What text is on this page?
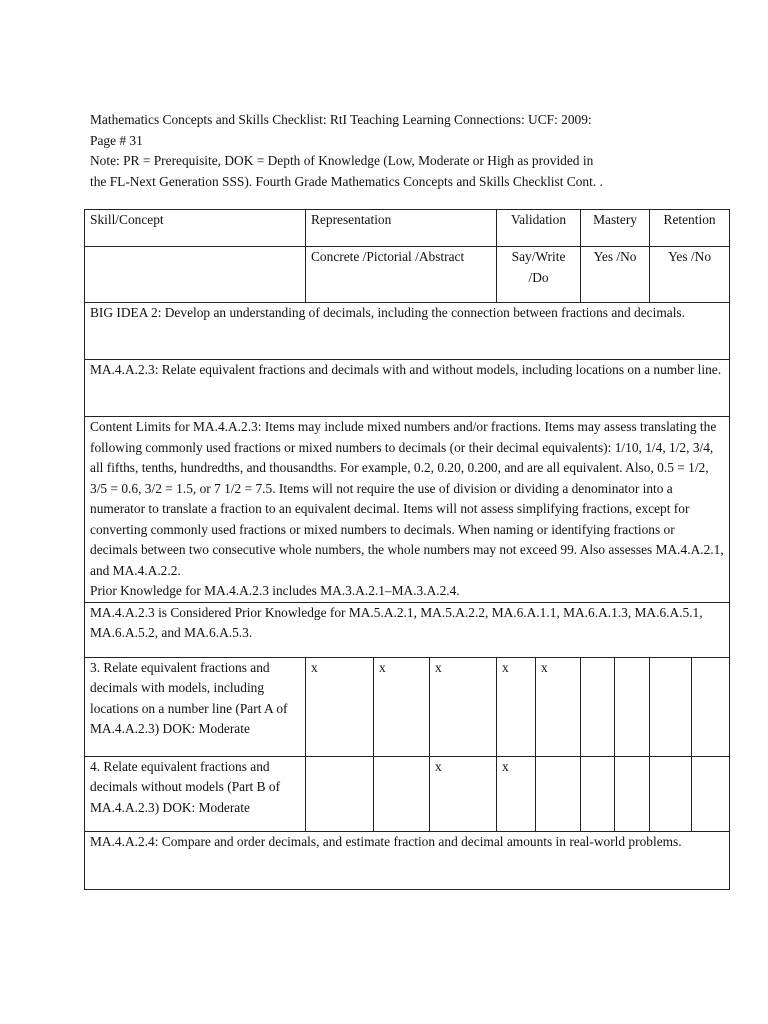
Mathematics Concepts and Skills Checklist: RtI Teaching Learning Connections: UCF: 2009:

Page # 31

Note: PR = Prerequisite, DOK = Depth of Knowledge (Low, Moderate or High as provided in

the FL-Next Generation SSS). Fourth Grade Mathematics Concepts and Skills Checklist Cont. .

Skill/Concept	Representation			Validation		Mastery		Retention	
	Concrete /Pictorial /Abstract			Say/Write /Do		Yes /No		Yes /No	
BIG IDEA 2: Develop an understanding of decimals, including the connection between fractions and decimals.									
MA.4.A.2.3: Relate equivalent fractions and decimals with and without models, including locations on a number line.									

Content Limits for MA.4.A.2.3: Items may include mixed numbers and/or fractions. Items may assess translating the following commonly used fractions or mixed numbers to decimals (or their decimal equivalents): 1/10, 1/4, 1/2, 3/4, all fifths, tenths, hundredths, and thousandths. For example, 0.2, 0.20, 0.200, and are all equivalent. Also, 0.5 = 1/2, 3/5 = 0.6, 3/2 = 1.5, or 7 1/2 = 7.5. Items will not require the use of division or dividing a denominator into a numerator to translate a fraction to an equivalent decimal. Items will not assess simplifying fractions, except for converting commonly used fractions or mixed numbers to decimals. When naming or identifying fractions or decimals between two consecutive whole numbers, the whole numbers may not exceed 99. Also assesses MA.4.A.2.1, and MA.4.A.2.2.

Prior Knowledge for MA.4.A.2.3 includes MA.3.A.2.1–MA.3.A.2.4.									

MA.4.A.2.3 is Considered Prior Knowledge for MA.5.A.2.1, MA.5.A.2.2, MA.6.A.1.1, MA.6.A.1.3, MA.6.A.5.1, MA.6.A.5.2, and MA.6.A.5.3.									
3. Relate equivalent fractions and decimals with models, including locations on a number line (Part A of MA.4.A.2.3) DOK: Moderate	x	x	x	x	x				
4. Relate equivalent fractions and decimals without models (Part B of MA.4.A.2.3) DOK: Moderate			x	x					
MA.4.A.2.4: Compare and order decimals, and estimate fraction and decimal amounts in real-world problems.									
